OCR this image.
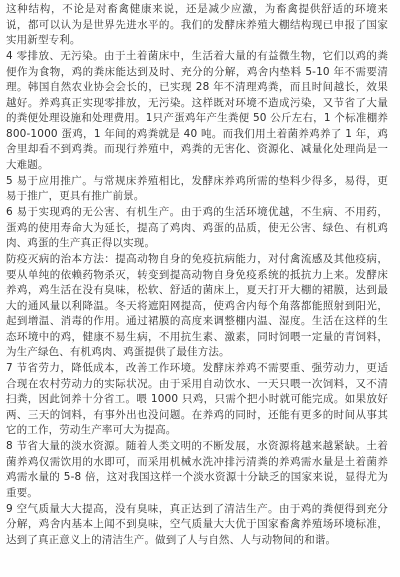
这种结构，不论是对畜禽健康来说，还是减少应激，为畜禽提供舒适的环境来说，都可以认为是世界先进水平的。我们的发酵床养殖大棚结构现已申报了国家实用新型专利。

4 零排放、无污染。由于土着菌床中，生活着大量的有益微生物，它们以鸡的粪便作为食物，鸡的粪床能达到及时、充分的分解，鸡舍内垫料 5-10 年不需要清理。韩国自然农业协会会长的，已实现 28 年不清理鸡粪，而且时间越长，效果越好。养鸡真正实现零排放，无污染。这样既对环境不造成污染，又节省了大量的粪便处理设施和处理费用。1只产蛋鸡年产生粪便 50 公斤左右，1 个标准棚养 800-1000 蛋鸡，1 年间的鸡粪就是 40 吨。而我们用土着菌养鸡养了 1 年，鸡舍里却看不到鸡粪。而现行养殖中，鸡粪的无害化、资源化、减量化处理尚是一大难题。

5 易于应用推广。与常规床养殖相比，发酵床养鸡所需的垫料少得多，易得，更易于推广，更具有推广前景。

6 易于实现鸡的无公害、有机生产。由于鸡的生活环境优越，不生病、不用药，蛋鸡的使用寿命大为延长，提高了鸡肉、鸡蛋的品质，使无公害、绿色、有机鸡肉、鸡蛋的生产真正得以实现。

防疫灭病的治本方法：提高动物自身的免疫抗病能力，对付禽流感及其他疫病，要从单纯的依赖药物杀灭，转变到提高动物自身免疫系统的抵抗力上来。发酵床养鸡，鸡生活在没有臭味，松软、舒适的菌床上，夏天打开大棚的裙膜，达到最大的通风量以利降温。冬天将遮阳网提高，使鸡舍内每个角落都能照射到阳光，起到增温、消毒的作用。通过裙膜的高度来调整棚内温、湿度。生活在这样的生态环境中的鸡，健康不易生病，不用抗生素、激素，同时饲喂一定量的青饲料，为生产绿色、有机鸡肉、鸡蛋提供了最佳方法。

7 节省劳力，降低成本，改善工作环境。发酵床养鸡不需要重、强劳动力，更适合现在农村劳动力的实际状况。由于采用自动饮水、一天只喂一次饲料，又不清扫粪，因此饲养十分省工。喂 1000 只鸡，只需个把小时就可能完成。如果放好两、三天的饲料，有事外出也没问题。在养鸡的同时，还能有更多的时间从事其它的工作，劳动生产率可大为提高。

8 节省大量的淡水资源。随着人类文明的不断发展，水资源将越来越紧缺。土着菌养鸡仅需饮用的水即可，而采用机械水洗冲排污清粪的养鸡需水量是土着菌养鸡需水量的 5-8 倍，这对我国这样一个淡水资源十分缺乏的国家来说，显得尤为重要。

9 空气质量大大提高，没有臭味，真正达到了清洁生产。由于鸡的粪便得到充分分解，鸡舍内基本上闻不到臭味，空气质量大大优于国家畜禽养殖场环境标准，达到了真正意义上的清洁生产。做到了人与自然、人与动物间的和谐。
